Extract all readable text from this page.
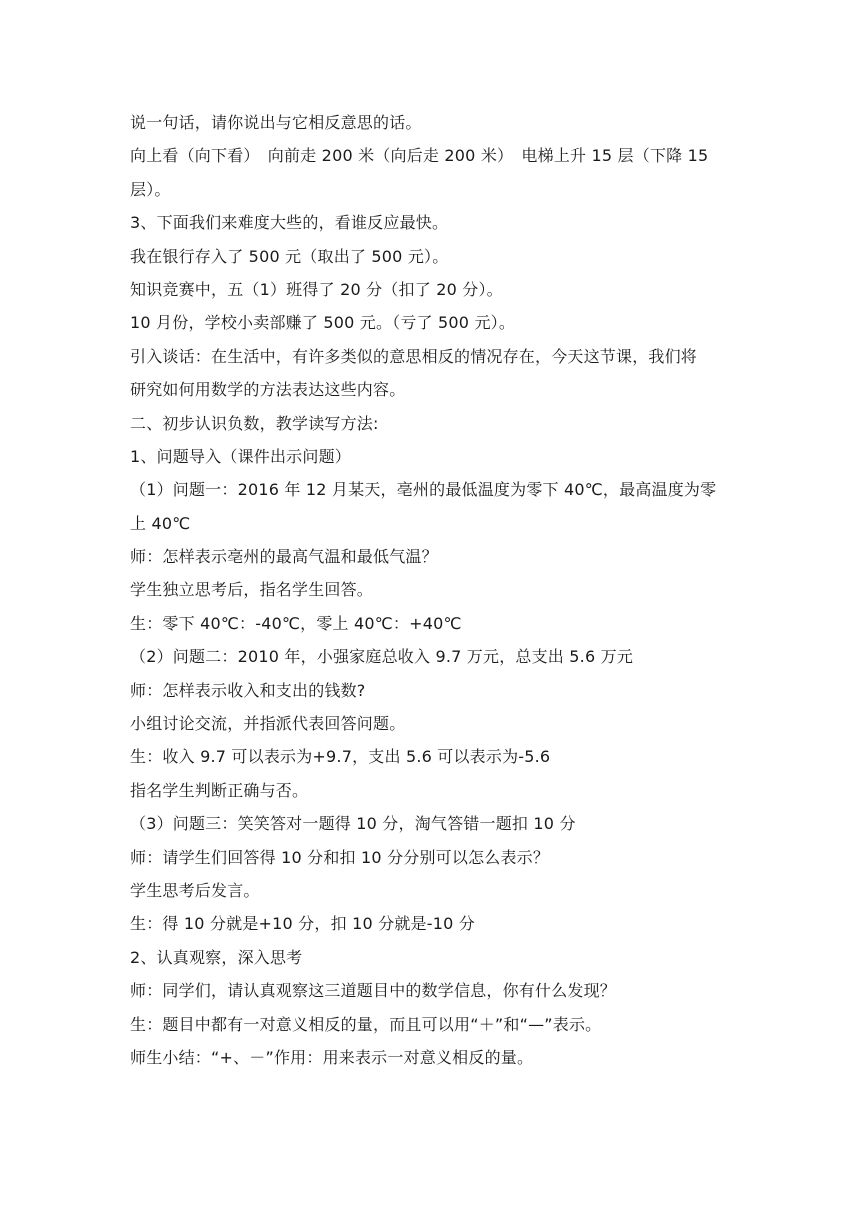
说一句话，请你说出与它相反意思的话。
向上看（向下看）　向前走 200 米（向后走 200 米）　电梯上升 15 层（下降 15
层）。
3、下面我们来难度大些的，看谁反应最快。
我在银行存入了 500 元（取出了 500 元）。
知识竞赛中，五（1）班得了 20 分（扣了 20 分）。
10 月份，学校小卖部赚了 500 元。（亏了 500 元）。
引入谈话：在生活中，有许多类似的意思相反的情况存在，今天这节课，我们将
研究如何用数学的方法表达这些内容。
二、初步认识负数，教学读写方法:
1、问题导入（课件出示问题）
（1）问题一：2016 年 12 月某天，亳州的最低温度为零下 40℃，最高温度为零
上 40℃
师：怎样表示亳州的最高气温和最低气温？
学生独立思考后，指名学生回答。
生：零下 40℃：-40℃，零上 40℃：+40℃
（2）问题二：2010 年，小强家庭总收入 9.7 万元，总支出 5.6 万元
师：怎样表示收入和支出的钱数?
小组讨论交流，并指派代表回答问题。
生：收入 9.7 可以表示为+9.7，支出 5.6 可以表示为-5.6
指名学生判断正确与否。
（3）问题三：笑笑答对一题得 10 分，淘气答错一题扣 10 分
师：请学生们回答得 10 分和扣 10 分分别可以怎么表示？
学生思考后发言。
生：得 10 分就是+10 分，扣 10 分就是-10 分
2、认真观察，深入思考
师：同学们，请认真观察这三道题目中的数学信息，你有什么发现？
生：题目中都有一对意义相反的量，而且可以用“＋”和“—”表示。
师生小结：“+、－”作用：用来表示一对意义相反的量。
